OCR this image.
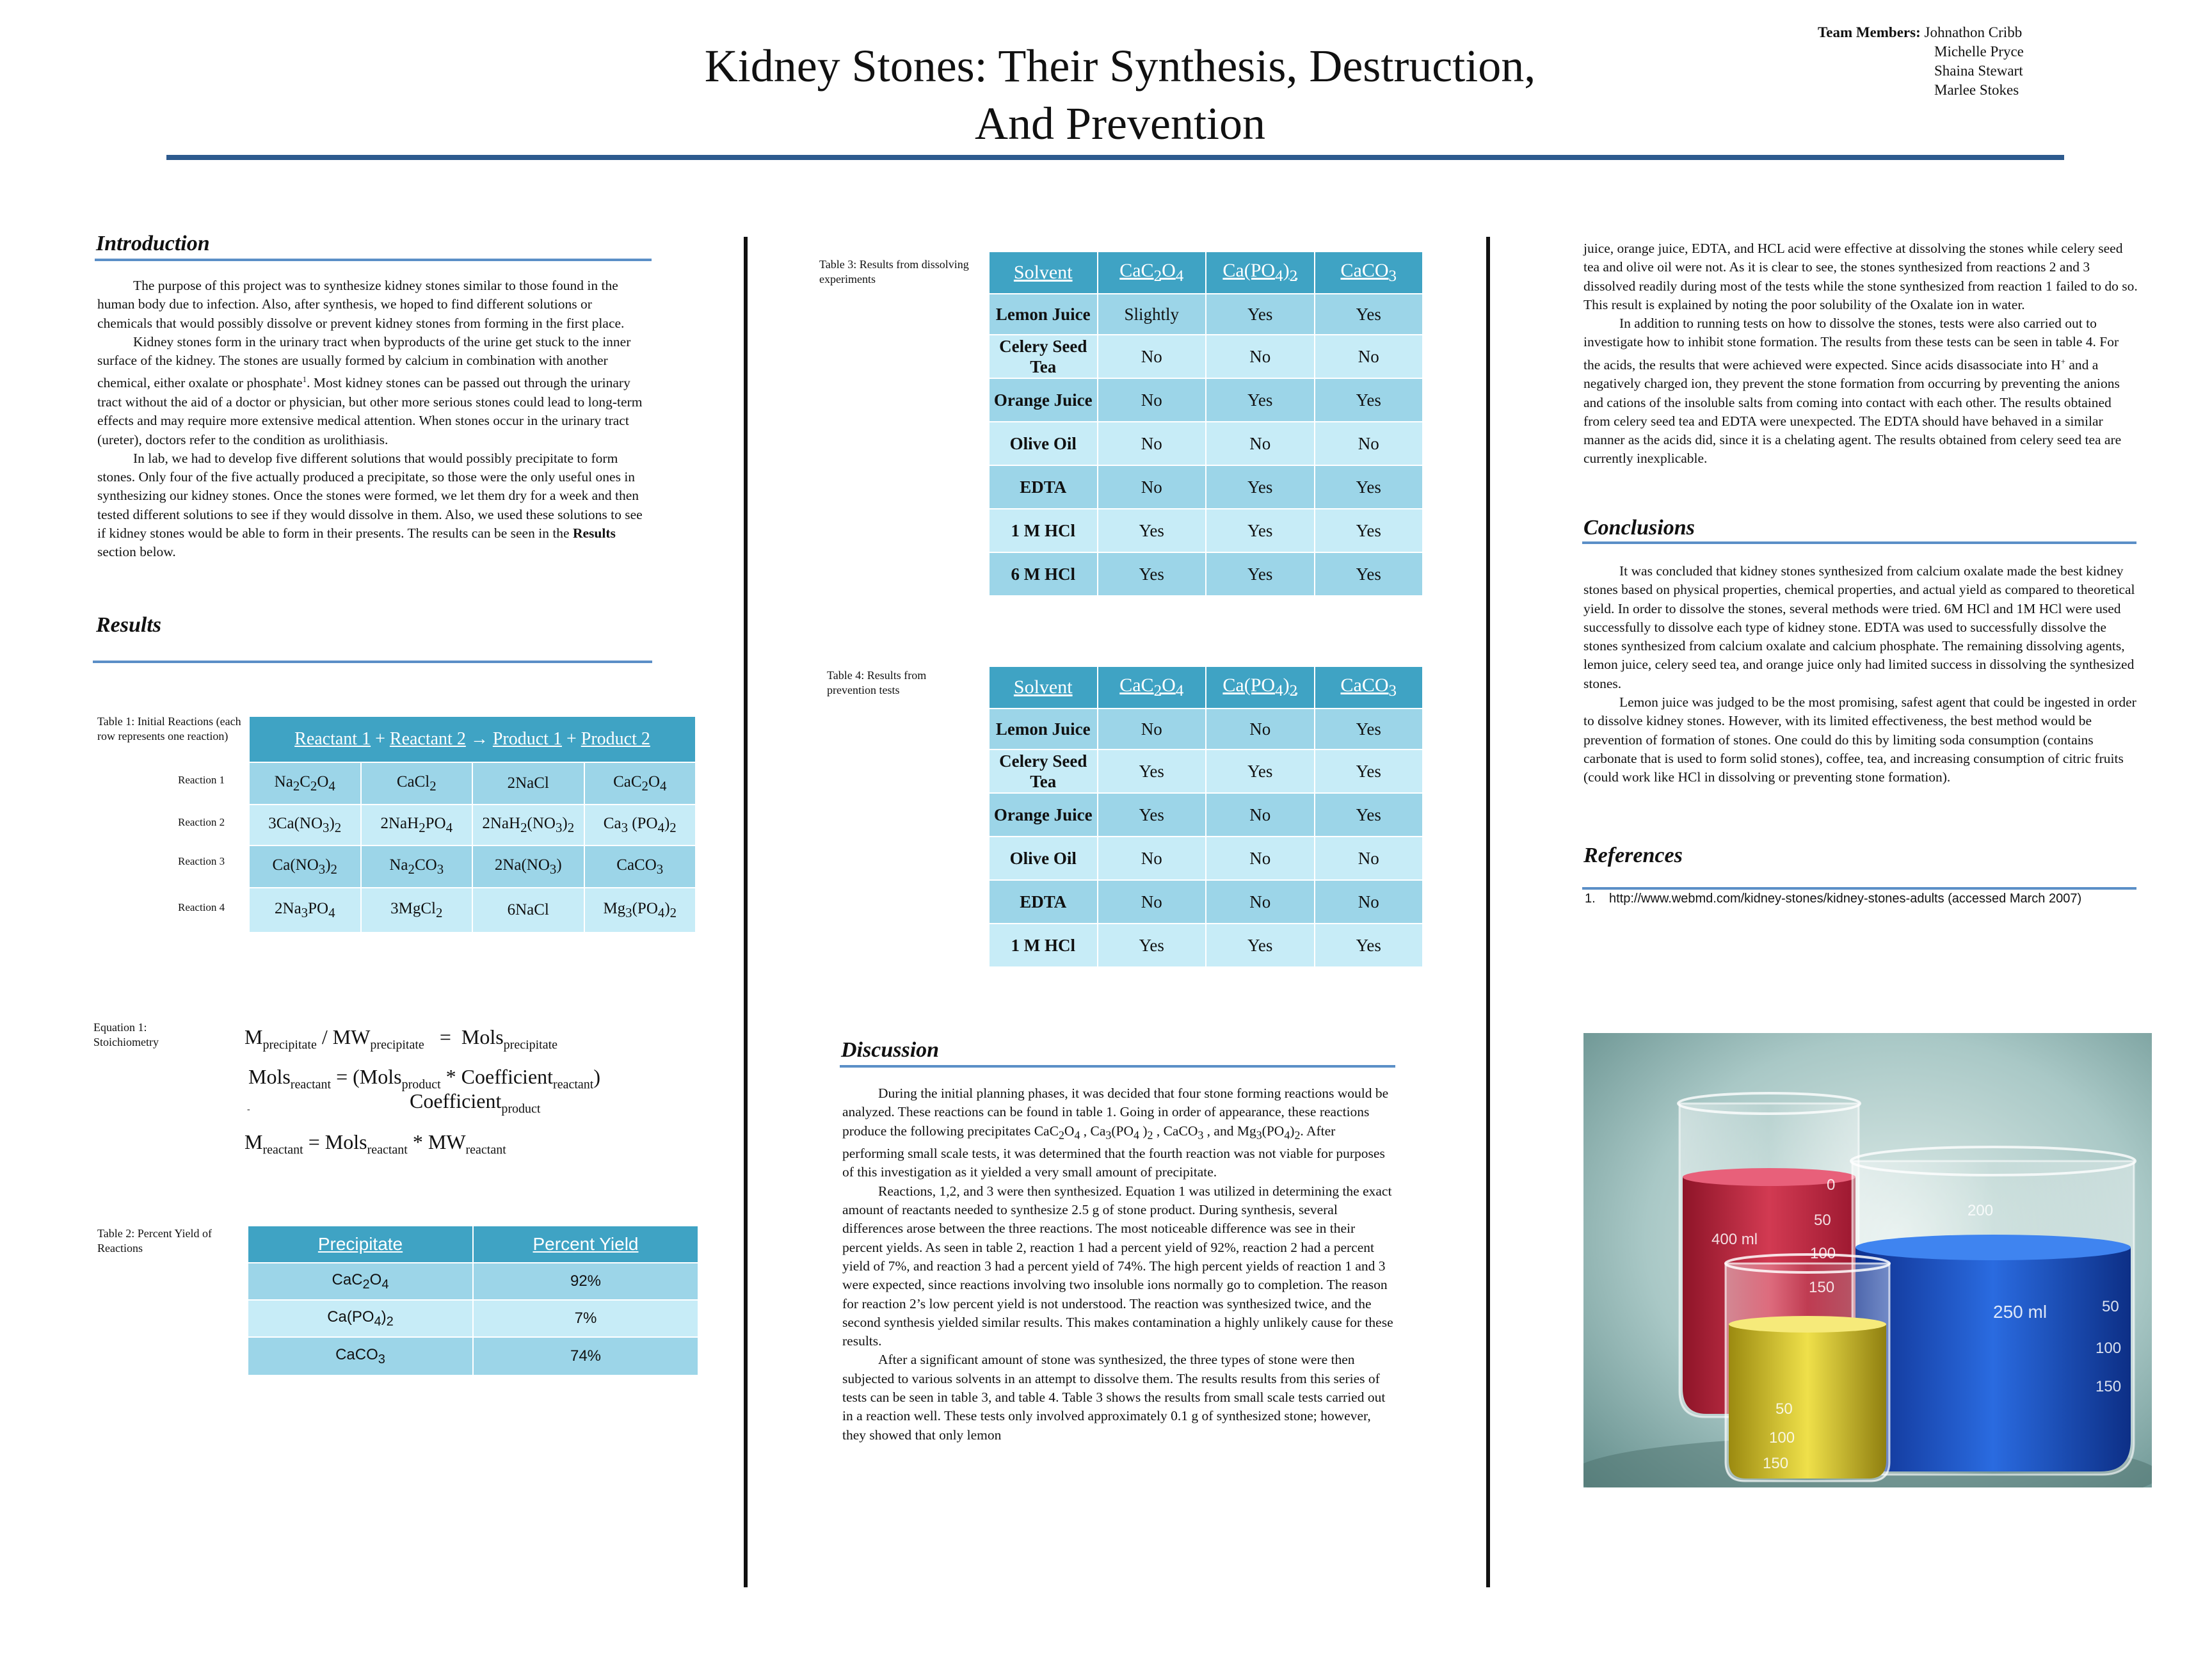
Kidney Stones: Their Synthesis, Destruction,
And Prevention
Team Members: Johnathon Cribb
Michelle Pryce
Shaina Stewart
Marlee Stokes
Introduction

The purpose of this project was to synthesize kidney stones similar to those found in the human body due to infection. Also, after synthesis, we hoped to find different solutions or chemicals that would possibly dissolve or prevent kidney stones from forming in the first place.

Kidney stones form in the urinary tract when byproducts of the urine get stuck to the inner surface of the kidney. The stones are usually formed by calcium in combination with another chemical, either oxalate or phosphate$^1$. Most kidney stones can be passed out through the urinary tract without the aid of a doctor or physician, but other more serious stones could lead to long-term effects and may require more extensive medical attention. When stones occur in the urinary tract (ureter), doctors refer to the condition as urolithiasis.

In lab, we had to develop five different solutions that would possibly precipitate to form stones. Only four of the five actually produced a precipitate, so those were the only useful ones in synthesizing our kidney stones. Once the stones were formed, we let them dry for a week and then tested different solutions to see if they would dissolve in them. Also, we used these solutions to see if kidney stones would be able to form in their presents. The results can be seen in the Results section below.

Results
Table 1: Initial Reactions (each row represents one reaction)
Reaction 1
Reaction 2
Reaction 3
Reaction 4
Reactant 1 + Reactant 2 → Product 1 + Product 2			
$Na_2C_2O_4$	CaCl$_2$	2NaCl	$CaC_2O_4$
$3Ca(NO_3)_2$	$2NaH_2PO_4$	$2NaH_2(NO_3)_2$	$Ca_3$ $(PO_4)_2$
$Ca(NO_3)_2$	$Na_2CO_3$	$2Na(NO_3)$	CaCO$_3$
$2Na_3PO_4$	3MgCl$_2$	6NaCl	$Mg_3(PO_4)_2$
Equation 1: Stoichiometry	$M_{precipitate} / MW_{precipitate}$   =  Mols$_{precipitate}$
Mols$_{reactant}$ = (Mols$_{product}$ * Coefficient$_{reactant}$)
-	Coefficient$_{product}$
$M_{reactant}$ = Mols$_{reactant}$ * $MW_{reactant}$
Table 2: Percent Yield of Reactions	Precipitate	Percent Yield
$CaC_2O_4$	92%
$Ca(PO_4)_2$	7%
CaCO$_3$	74%
Table 3: Results from dissolving experiments	Solvent	$CaC_2O_4$	$Ca(PO_4)_2$	CaCO$_3$
Lemon Juice	Slightly	Yes	Yes
Celery Seed Tea	No	No	No
Orange Juice	No	Yes	Yes
Olive Oil	No	No	No
EDTA	No	Yes	Yes
1 M HCl	Yes	Yes	Yes
6 M HCl	Yes	Yes	Yes
Table 4: Results from prevention tests	Solvent	$CaC_2O_4$	$Ca(PO_4)_2$	CaCO$_3$
Lemon Juice	No	No	Yes
Celery Seed Tea	Yes	Yes	Yes
Orange Juice	Yes	No	Yes
Olive Oil	No	No	No
EDTA	No	No	No
1 M HCl	Yes	Yes	Yes
Discussion

During the initial planning phases, it was decided that four stone forming reactions would be analyzed. These reactions can be found in table 1. Going in order of appearance, these reactions produce the following precipitates $CaC_2O_4$ , $Ca_3(PO_4$ )$_2$ , CaCO$_3$ , and $Mg_3(PO_4)_2$. After performing small scale tests, it was determined that the fourth reaction was not viable for purposes of this investigation as it yielded a very small amount of precipitate.

Reactions, 1,2, and 3 were then synthesized. Equation 1 was utilized in determining the exact amount of reactants needed to synthesize 2.5 g of stone product. During synthesis, several differences arose between the three reactions. The most noticeable difference was see in their percent yields. As seen in table 2, reaction 1 had a percent yield of 92%, reaction 2 had a percent yield of 7%, and reaction 3 had a percent yield of 74%. The high percent yields of reaction 1 and 3 were expected, since reactions involving two insoluble ions normally go to completion. The reason for reaction 2’s low percent yield is not understood. The reaction was synthesized twice, and the second synthesis yielded similar results. This makes contamination a highly unlikely cause for these results.

After a significant amount of stone was synthesized, the three types of stone were then subjected to various solvents in an attempt to dissolve them. The results results from this series of tests can be seen in table 3, and table 4. Table 3 shows the results from small scale tests carried out in a reaction well. These tests only involved approximately 0.1 g of synthesized stone; however, they showed that only lemon

juice, orange juice, EDTA, and HCL acid were effective at dissolving the stones while celery seed tea and olive oil were not. As it is clear to see, the stones synthesized from reactions 2 and 3 dissolved readily during most of the tests while the stone synthesized from reaction 1 failed to do so. This result is explained by noting the poor solubility of the Oxalate ion in water.

In addition to running tests on how to dissolve the stones, tests were also carried out to investigate how to inhibit stone formation. The results from these tests can be seen in table 4. For the acids, the results that were achieved were expected. Since acids disassociate into H+ and a negatively charged ion, they prevent the stone formation from occurring by preventing the anions and cations of the insoluble salts from coming into contact with each other. The results obtained from celery seed tea and EDTA were unexpected. The EDTA should have behaved in a similar manner as the acids did, since it is a chelating agent. The results obtained from celery seed tea are currently inexplicable.

Conclusions

It was concluded that kidney stones synthesized from calcium oxalate made the best kidney stones based on physical properties, chemical properties, and actual yield as compared to theoretical yield. In order to dissolve the stones, several methods were tried. 6M HCl and 1M HCl were used successfully to dissolve each type of kidney stone. EDTA was used to successfully dissolve the stones synthesized from calcium oxalate and calcium phosphate. The remaining dissolving agents, lemon juice, celery seed tea, and orange juice only had limited success in dissolving the synthesized stones.

Lemon juice was judged to be the most promising, safest agent that could be ingested in order to dissolve kidney stones. However, with its limited effectiveness, the best method would be prevention of formation of stones. One could do this by limiting soda consumption (contains carbonate that is used to form solid stones), coffee, tea, and increasing consumption of citric fruits (could work like HCl in dissolving or preventing stone formation).

References
1.	http://www.webmd.com/kidney-stones/kidney-stones-adults (accessed March 2007)
0
50
100
150
400 ml
250 ml	50
100
150
200
50
100
150
